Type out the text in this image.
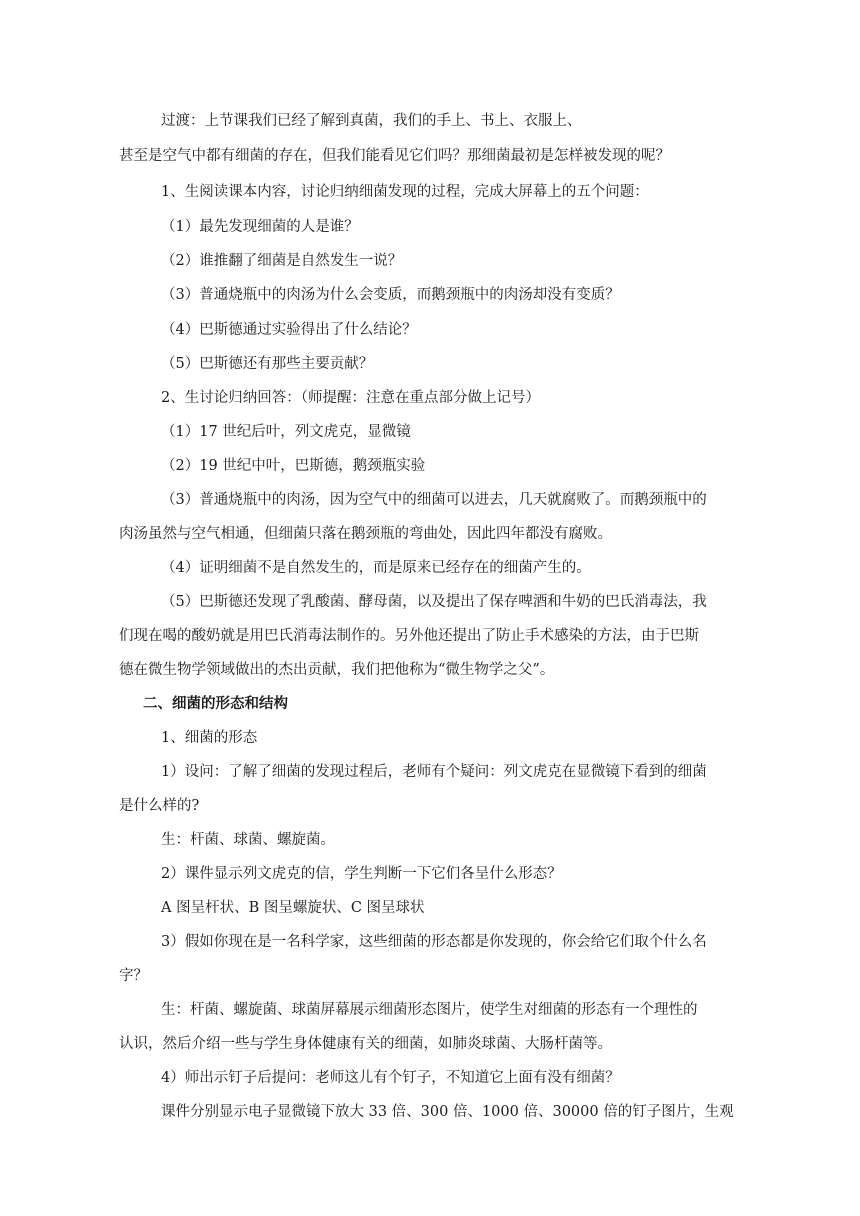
过渡：上节课我们已经了解到真菌，我们的手上、书上、衣服上、
甚至是空气中都有细菌的存在，但我们能看见它们吗？那细菌最初是怎样被发现的呢？
1、生阅读课本内容，讨论归纳细菌发现的过程，完成大屏幕上的五个问题：
（1）最先发现细菌的人是谁？
（2）谁推翻了细菌是自然发生一说？
（3）普通烧瓶中的肉汤为什么会变质，而鹅颈瓶中的肉汤却没有变质？
（4）巴斯德通过实验得出了什么结论？
（5）巴斯德还有那些主要贡献？
2、生讨论归纳回答：（师提醒：注意在重点部分做上记号）
（1）17 世纪后叶，列文虎克，显微镜
（2）19 世纪中叶，巴斯德，鹅颈瓶实验
（3）普通烧瓶中的肉汤，因为空气中的细菌可以进去，几天就腐败了。而鹅颈瓶中的
肉汤虽然与空气相通，但细菌只落在鹅颈瓶的弯曲处，因此四年都没有腐败。
（4）证明细菌不是自然发生的，而是原来已经存在的细菌产生的。
（5）巴斯德还发现了乳酸菌、酵母菌，以及提出了保存啤酒和牛奶的巴氏消毒法，我
们现在喝的酸奶就是用巴氏消毒法制作的。另外他还提出了防止手术感染的方法，由于巴斯
德在微生物学领域做出的杰出贡献，我们把他称为“微生物学之父”。
二、细菌的形态和结构
1、细菌的形态
1）设问：了解了细菌的发现过程后，老师有个疑问：列文虎克在显微镜下看到的细菌
是什么样的?
生：杆菌、球菌、螺旋菌。
2）课件显示列文虎克的信，学生判断一下它们各呈什么形态？
A 图呈杆状、B 图呈螺旋状、C 图呈球状
3）假如你现在是一名科学家，这些细菌的形态都是你发现的，你会给它们取个什么名
字？
生：杆菌、螺旋菌、球菌屏幕展示细菌形态图片，使学生对细菌的形态有一个理性的
认识，然后介绍一些与学生身体健康有关的细菌，如肺炎球菌、大肠杆菌等。
4）师出示钉子后提问：老师这儿有个钉子，不知道它上面有没有细菌？
课件分别显示电子显微镜下放大 33 倍、300 倍、1000 倍、30000 倍的钉子图片，生观
